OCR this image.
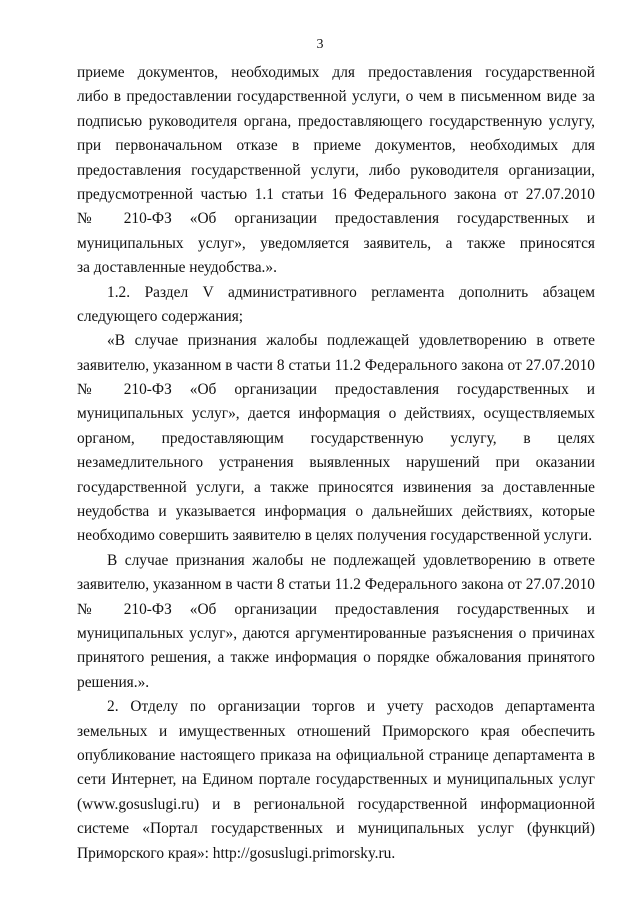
3
приеме документов, необходимых для предоставления государственной
либо в предоставлении государственной услуги, о чем в письменном виде за
подписью руководителя органа, предоставляющего государственную услугу,
при первоначальном отказе в приеме документов, необходимых для
предоставления государственной услуги, либо руководителя организации,
предусмотренной частью 1.1 статьи 16 Федерального закона от 27.07.2010
№ 210-ФЗ «Об организации предоставления государственных и
муниципальных услуг», уведомляется заявитель, а также приносятся
за доставленные неудобства.».
1.2. Раздел V административного регламента дополнить абзацем
следующего содержания;
«В случае признания жалобы подлежащей удовлетворению в ответе
заявителю, указанном в части 8 статьи 11.2 Федерального закона от 27.07.2010
№ 210-ФЗ «Об организации предоставления государственных и
муниципальных услуг», дается информация о действиях, осуществляемых
органом, предоставляющим государственную услугу, в целях
незамедлительного устранения выявленных нарушений при оказании
государственной услуги, а также приносятся извинения за доставленные
неудобства и указывается информация о дальнейших действиях, которые
необходимо совершить заявителю в целях получения государственной услуги.
В случае признания жалобы не подлежащей удовлетворению в ответе
заявителю, указанном в части 8 статьи 11.2 Федерального закона от 27.07.2010
№ 210-ФЗ «Об организации предоставления государственных и
муниципальных услуг», даются аргументированные разъяснения о причинах
принятого решения, а также информация о порядке обжалования принятого
решения.».
2. Отделу по организации торгов и учету расходов департамента
земельных и имущественных отношений Приморского края обеспечить
опубликование настоящего приказа на официальной странице департамента в
сети Интернет, на Едином портале государственных и муниципальных услуг
(www.gosuslugi.ru) и в региональной государственной информационной
системе «Портал государственных и муниципальных услуг (функций)
Приморского края»: http://gosuslugi.primorsky.ru.
